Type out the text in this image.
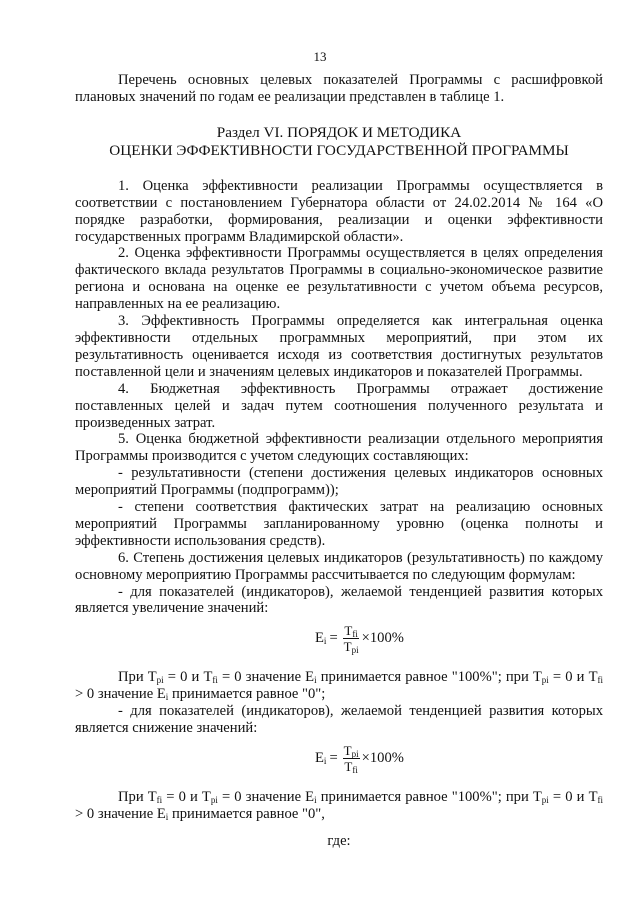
13

Перечень основных целевых показателей Программы с расшифровкой плановых значений по годам ее реализации представлен в таблице 1.

Раздел VI. ПОРЯДОК И МЕТОДИКА
ОЦЕНКИ ЭФФЕКТИВНОСТИ ГОСУДАРСТВЕННОЙ ПРОГРАММЫ

1. Оценка эффективности реализации Программы осуществляется в соответствии с постановлением Губернатора области от 24.02.2014 № 164 «О порядке разработки, формирования, реализации и оценки эффективности государственных программ Владимирской области».

2. Оценка эффективности Программы осуществляется в целях определения фактического вклада результатов Программы в социально-экономическое развитие региона и основана на оценке ее результативности с учетом объема ресурсов, направленных на ее реализацию.

3. Эффективность Программы определяется как интегральная оценка эффективности отдельных программных мероприятий, при этом их результативность оценивается исходя из соответствия достигнутых результатов поставленной цели и значениям целевых индикаторов и показателей Программы.

4. Бюджетная эффективность Программы отражает достижение поставленных целей и задач путем соотношения полученного результата и произведенных затрат.

5. Оценка бюджетной эффективности реализации отдельного мероприятия Программы производится с учетом следующих составляющих:

- результативности (степени достижения целевых индикаторов основных мероприятий Программы (подпрограмм));

- степени соответствия фактических затрат на реализацию основных мероприятий Программы запланированному уровню (оценка полноты и эффективности использования средств).

6. Степень достижения целевых индикаторов (результативность) по каждому основному мероприятию Программы рассчитывается по следующим формулам:

- для показателей (индикаторов), желаемой тенденцией развития которых является увеличение значений:

$E_i = \frac{T_{fi}}{T_{pi}} \times 100\%$

При $T_{pi} = 0$ и $T_{fi} = 0$ значение $E_i$ принимается равное "100%"; при $T_{pi} = 0$ и $T_{fi} > 0$ значение $E_i$ принимается равное "0";

- для показателей (индикаторов), желаемой тенденцией развития которых является снижение значений:

$E_i = \frac{T_{pi}}{T_{fi}} \times 100\%$

При $T_{fi} = 0$ и $T_{pi} = 0$ значение $E_i$ принимается равное "100%"; при $T_{pi} = 0$ и $T_{fi} > 0$ значение $E_i$ принимается равное "0",

где:
